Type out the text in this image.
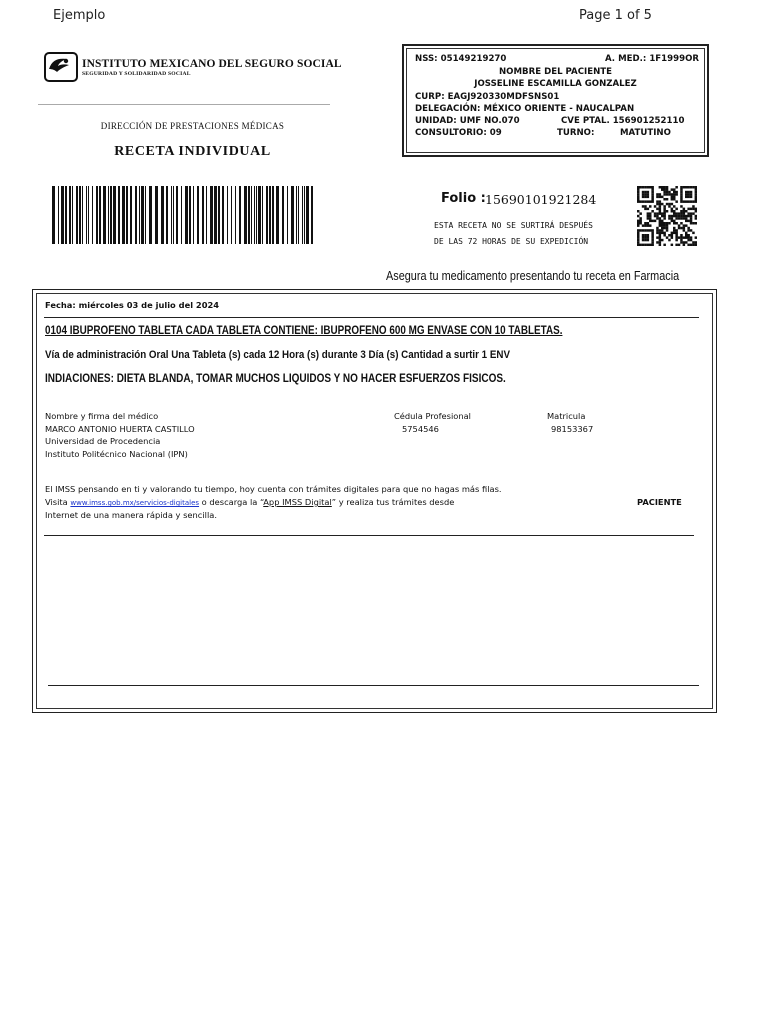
Ejemplo	Page 1 of 5
INSTITUTO MEXICANO DEL SEGURO SOCIAL
SEGURIDAD Y SOLIDARIDAD SOCIAL
DIRECCIÓN DE PRESTACIONES MÉDICAS
RECETA INDIVIDUAL
NSS: 05149219270	A. MED.: 1F1999OR
NOMBRE DEL PACIENTE
JOSSELINE ESCAMILLA GONZALEZ
CURP: EAGJ920330MDFSNS01
DELEGACIÓN: MÉXICO ORIENTE - NAUCALPAN
UNIDAD: UMF NO.070	CVE PTAL. 156901252110
CONSULTORIO: 09	TURNO:	MATUTINO
Folio : 15690101921284
ESTA RECETA NO SE SURTIRÁ DESPUÉS
DE LAS 72 HORAS DE SU EXPEDICIÓN
Asegura tu medicamento presentando tu receta en Farmacia
Fecha: miércoles 03 de julio del 2024
0104 IBUPROFENO TABLETA CADA TABLETA CONTIENE: IBUPROFENO 600 MG ENVASE CON 10 TABLETAS.
Vía de administración Oral Una Tableta (s) cada 12 Hora (s) durante 3 Día (s) Cantidad a surtir 1 ENV
INDIACIONES: DIETA BLANDA, TOMAR MUCHOS LIQUIDOS Y NO HACER ESFUERZOS FISICOS.
Nombre y firma del médico
MARCO ANTONIO HUERTA CASTILLO
Universidad de Procedencia
Instituto Politécnico Nacional (IPN)
Cédula Profesional
5754546
Matricula
98153367
El IMSS pensando en ti y valorando tu tiempo, hoy cuenta con trámites digitales para que no hagas más filas.
Visita www.imss.gob.mx/servicios-digitales o descarga la “App IMSS Digital” y realiza tus trámites desde
Internet de una manera rápida y sencilla.
PACIENTE
